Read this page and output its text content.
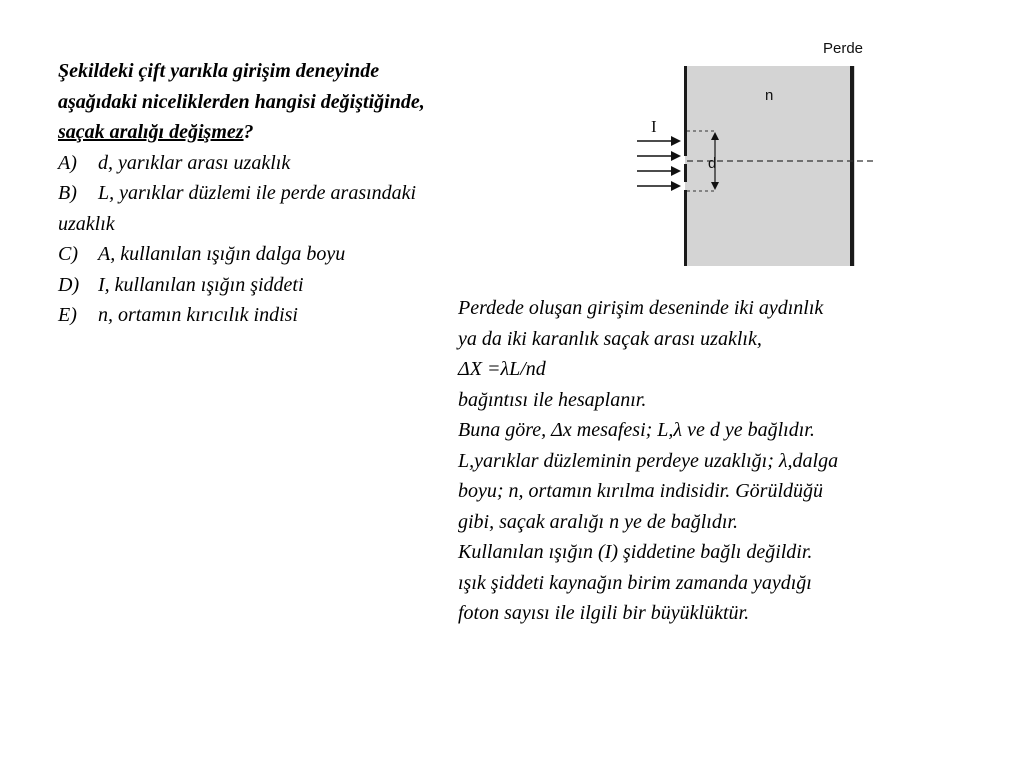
Şekildeki çift yarıkla girişim deneyinde
aşağıdaki niceliklerden hangisi değiştiğinde,
saçak aralığı değişmez?
A) d, yarıklar arası uzaklık
B) L, yarıklar düzlemi ile perde arasındaki
uzaklık
C) A, kullanılan ışığın dalga boyu
D) I, kullanılan ışığın şiddeti
E) n, ortamın kırıcılık indisi
Perde
n
d
I
Perdede oluşan girişim deseninde iki aydınlık
ya da iki karanlık saçak arası uzaklık,
ΔX =λL/nd
bağıntısı ile hesaplanır.
Buna göre, Δx mesafesi; L,λ ve d ye bağlıdır.
L,yarıklar düzleminin perdeye uzaklığı; λ,dalga
boyu; n, ortamın kırılma indisidir. Görüldüğü
gibi, saçak aralığı n ye de bağlıdır.
Kullanılan ışığın (I) şiddetine bağlı değildir.
ışık şiddeti kaynağın birim zamanda yaydığı
foton sayısı ile ilgili bir büyüklüktür.
